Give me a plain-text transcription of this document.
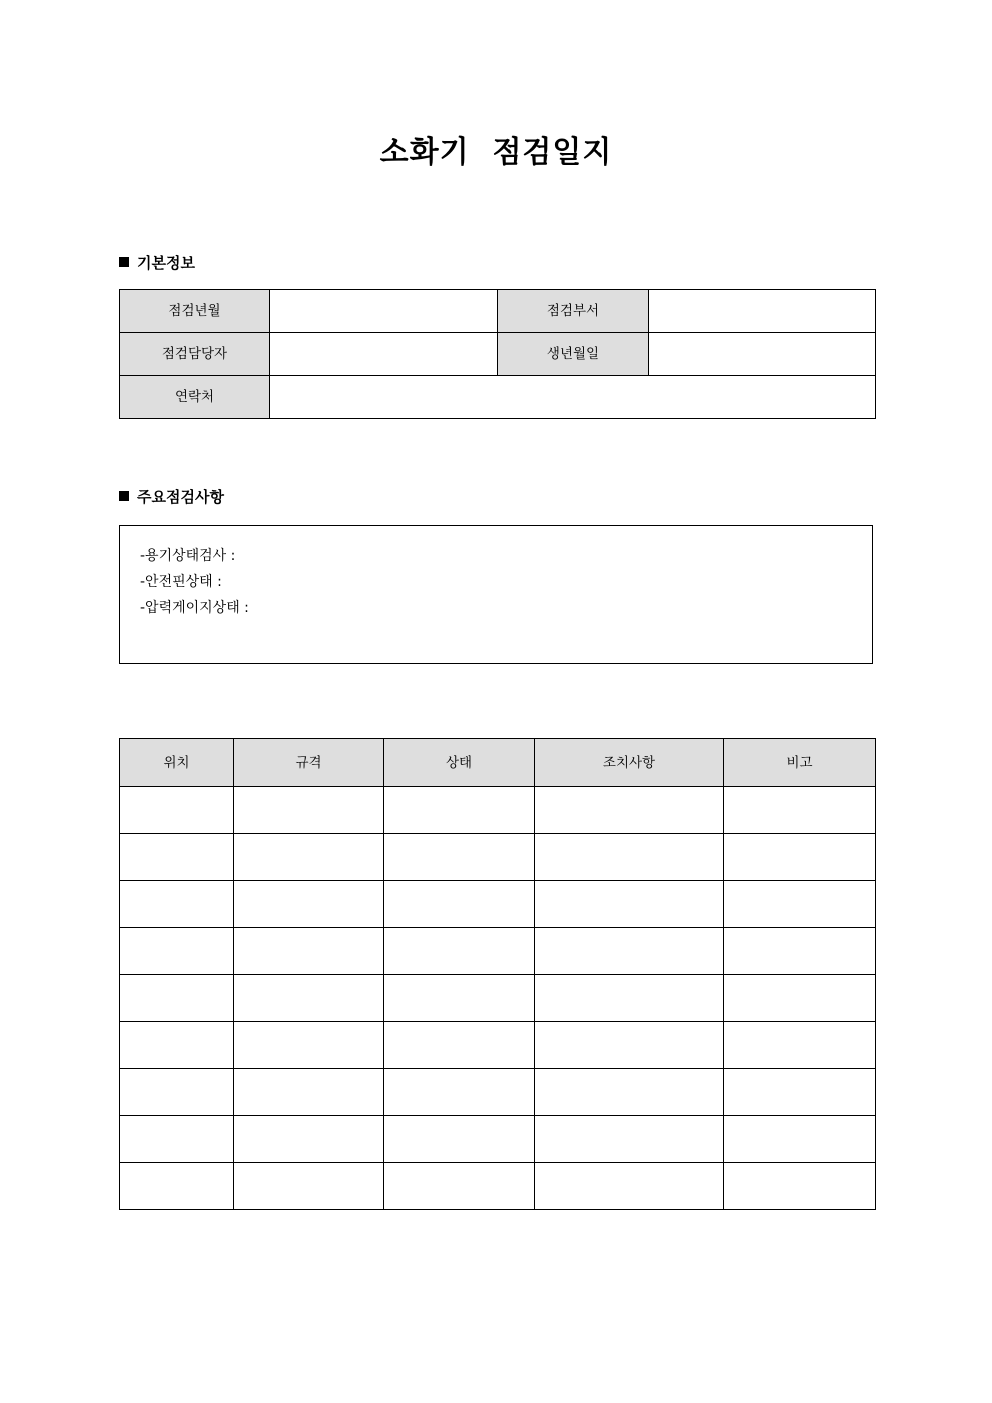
소화기  점검일지
기본정보
점검년월		점검부서	
점검담당자		생년월일	
연락처			
주요점검사항
-용기상태검사 :
-안전핀상태 :
-압력게이지상태 :
위치	규격	상태	조치사항	비고
